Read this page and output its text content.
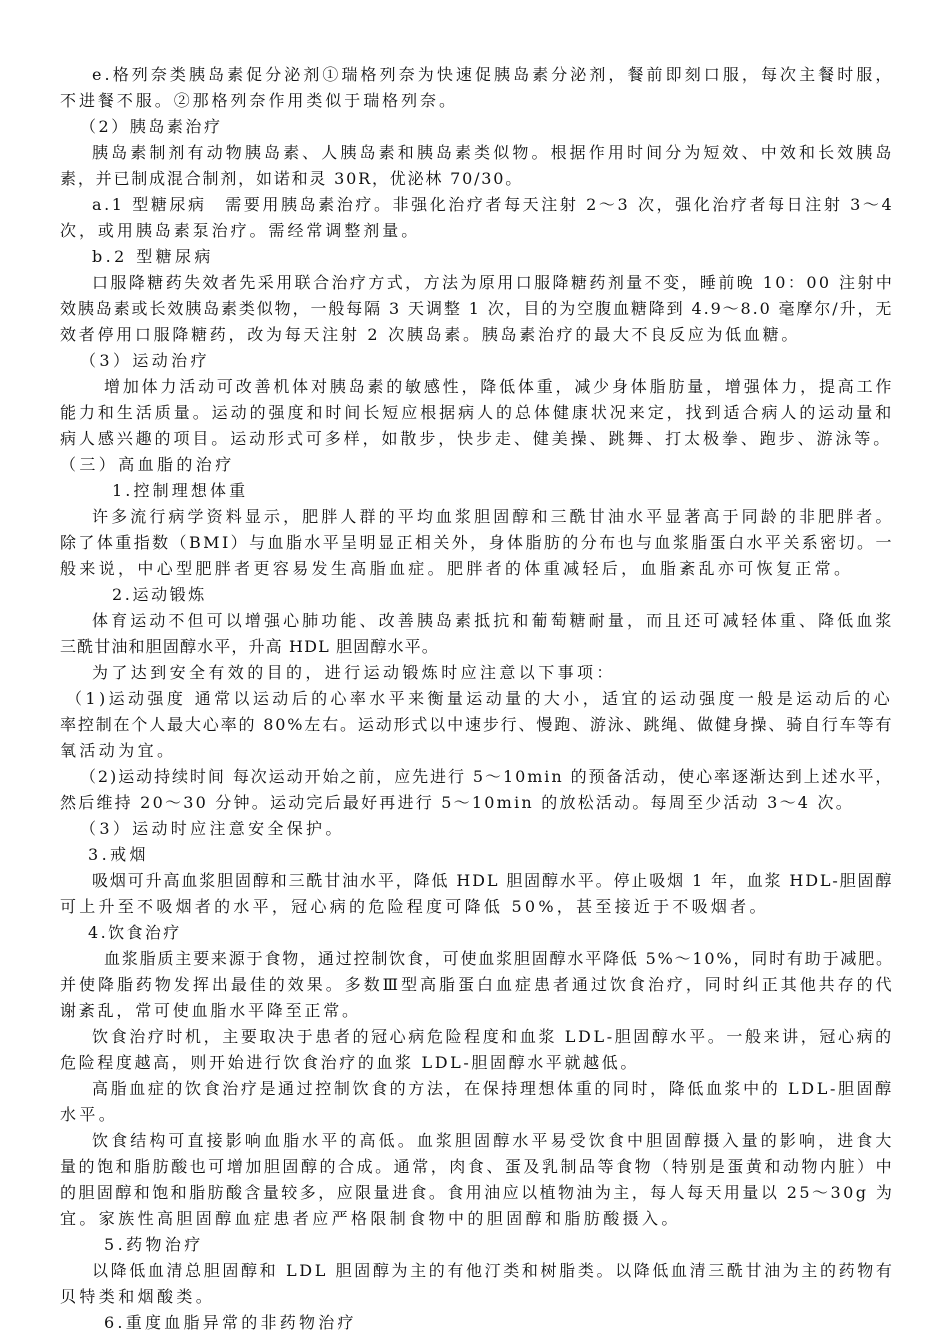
e.格列奈类胰岛素促分泌剂①瑞格列奈为快速促胰岛素分泌剂，餐前即刻口服，每次主餐时服，
不进餐不服。②那格列奈作用类似于瑞格列奈。
（2）胰岛素治疗
胰岛素制剂有动物胰岛素、人胰岛素和胰岛素类似物。根据作用时间分为短效、中效和长效胰岛
素，并已制成混合制剂，如诺和灵 30R，优泌林 70/30。
a.1 型糖尿病　需要用胰岛素治疗。非强化治疗者每天注射 2～3 次，强化治疗者每日注射 3～4
次，或用胰岛素泵治疗。需经常调整剂量。
b.2 型糖尿病
口服降糖药失效者先采用联合治疗方式，方法为原用口服降糖药剂量不变，睡前晚 10：00 注射中
效胰岛素或长效胰岛素类似物，一般每隔 3 天调整 1 次，目的为空腹血糖降到 4.9～8.0 毫摩尔/升，无
效者停用口服降糖药，改为每天注射 2 次胰岛素。胰岛素治疗的最大不良反应为低血糖。
（3）运动治疗
增加体力活动可改善机体对胰岛素的敏感性，降低体重，减少身体脂肪量，增强体力，提高工作
能力和生活质量。运动的强度和时间长短应根据病人的总体健康状况来定，找到适合病人的运动量和
病人感兴趣的项目。运动形式可多样，如散步，快步走、健美操、跳舞、打太极拳、跑步、游泳等。
（三）高血脂的治疗
1.控制理想体重
许多流行病学资料显示，肥胖人群的平均血浆胆固醇和三酰甘油水平显著高于同龄的非肥胖者。
除了体重指数（BMI）与血脂水平呈明显正相关外，身体脂肪的分布也与血浆脂蛋白水平关系密切。一
般来说，中心型肥胖者更容易发生高脂血症。肥胖者的体重减轻后，血脂紊乱亦可恢复正常。
2.运动锻炼
体育运动不但可以增强心肺功能、改善胰岛素抵抗和葡萄糖耐量，而且还可减轻体重、降低血浆
三酰甘油和胆固醇水平，升高 HDL 胆固醇水平。
为了达到安全有效的目的，进行运动锻炼时应注意以下事项：
（1)运动强度 通常以运动后的心率水平来衡量运动量的大小，适宜的运动强度一般是运动后的心
率控制在个人最大心率的 80%左右。运动形式以中速步行、慢跑、游泳、跳绳、做健身操、骑自行车等有
氧活动为宜。
（2)运动持续时间 每次运动开始之前，应先进行 5～10min 的预备活动，使心率逐渐达到上述水平，
然后维持 20～30 分钟。运动完后最好再进行 5～10min 的放松活动。每周至少活动 3～4 次。
（3）运动时应注意安全保护。
3.戒烟
吸烟可升高血浆胆固醇和三酰甘油水平，降低 HDL 胆固醇水平。停止吸烟 1 年，血浆 HDL-胆固醇
可上升至不吸烟者的水平，冠心病的危险程度可降低 50%，甚至接近于不吸烟者。
4.饮食治疗
血浆脂质主要来源于食物，通过控制饮食，可使血浆胆固醇水平降低 5%～10%，同时有助于减肥。
并使降脂药物发挥出最佳的效果。多数Ⅲ型高脂蛋白血症患者通过饮食治疗，同时纠正其他共存的代
谢紊乱，常可使血脂水平降至正常。
饮食治疗时机，主要取决于患者的冠心病危险程度和血浆 LDL-胆固醇水平。一般来讲，冠心病的
危险程度越高，则开始进行饮食治疗的血浆 LDL-胆固醇水平就越低。
高脂血症的饮食治疗是通过控制饮食的方法，在保持理想体重的同时，降低血浆中的 LDL-胆固醇
水平。
饮食结构可直接影响血脂水平的高低。血浆胆固醇水平易受饮食中胆固醇摄入量的影响，进食大
量的饱和脂肪酸也可增加胆固醇的合成。通常，肉食、蛋及乳制品等食物（特别是蛋黄和动物内脏）中
的胆固醇和饱和脂肪酸含量较多，应限量进食。食用油应以植物油为主，每人每天用量以 25～30g 为
宜。家族性高胆固醇血症患者应严格限制食物中的胆固醇和脂肪酸摄入。
5.药物治疗
以降低血清总胆固醇和 LDL 胆固醇为主的有他汀类和树脂类。以降低血清三酰甘油为主的药物有
贝特类和烟酸类。
6.重度血脂异常的非药物治疗
